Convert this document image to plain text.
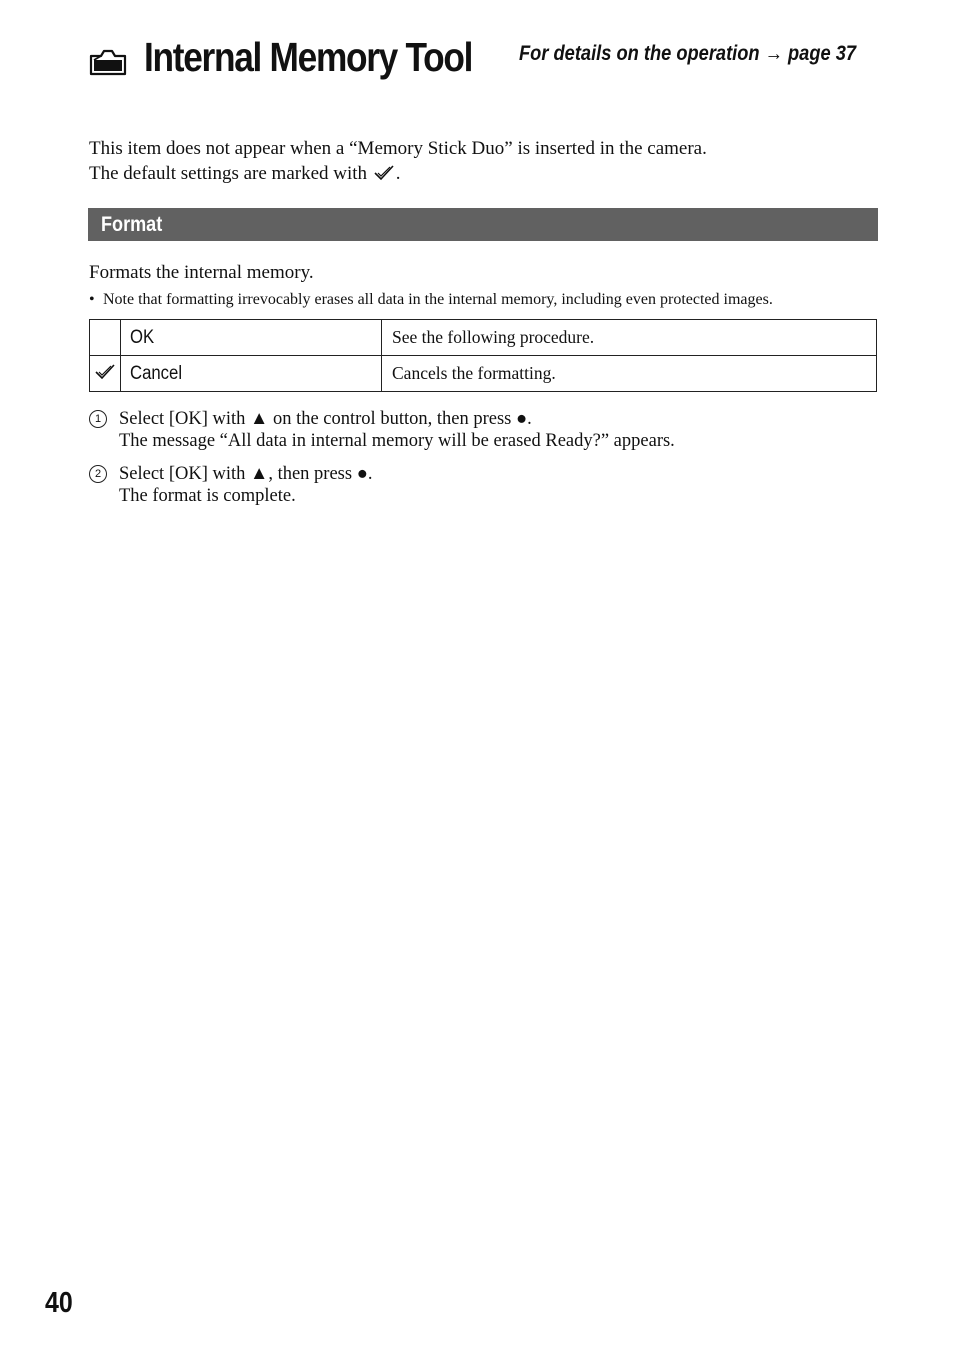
Internal Memory Tool For details on the operation → page 37
This item does not appear when a “Memory Stick Duo” is inserted in the camera.
The default settings are marked with .
Format
Formats the internal memory.
• Note that formatting irrevocably erases all data in the internal memory, including even protected images.
	OK	See the following procedure.
	Cancel	Cancels the formatting.
1 Select [OK] with ▲ on the control button, then press ●.
The message “All data in internal memory will be erased Ready?” appears.
2 Select [OK] with ▲, then press ●.
The format is complete.
40
